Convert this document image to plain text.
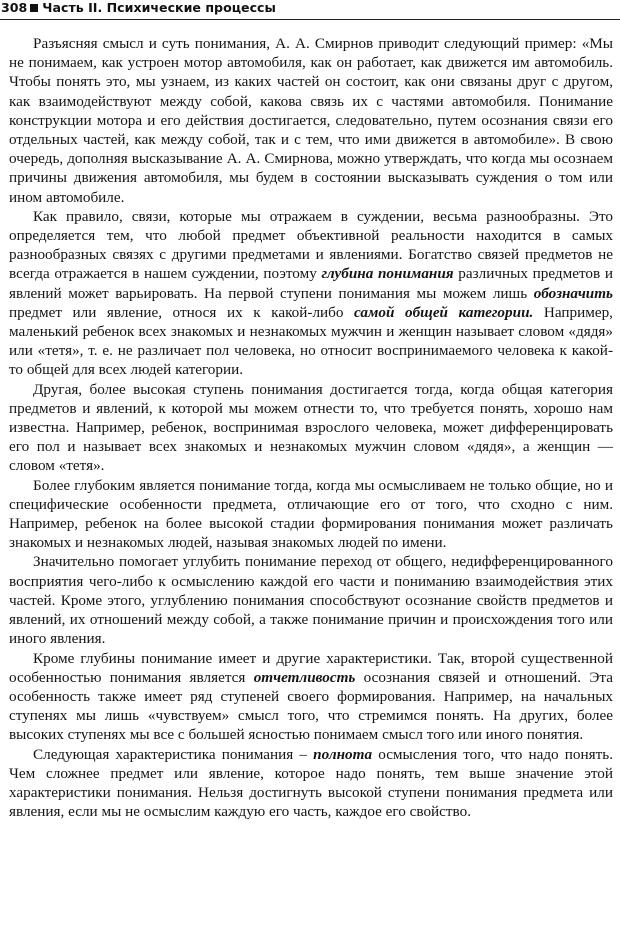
308 Часть II. Психические процессы

Разъясняя смысл и суть понимания, А. А. Смирнов приводит следующий пример: «Мы не понимаем, как устроен мотор автомобиля, как он работает, как движется им автомобиль. Чтобы понять это, мы узнаем, из каких частей он состоит, как они связаны друг с другом, как взаимодействуют между собой, какова связь их с частями автомобиля. Понимание конструкции мотора и его действия достигается, следовательно, путем осознания связи его отдельных частей, как между собой, так и с тем, что ими движется в автомобиле». В свою очередь, дополняя высказывание А. А. Смирнова, можно утверждать, что когда мы осознаем причины движения автомобиля, мы будем в состоянии высказывать суждения о том или ином автомобиле.

Как правило, связи, которые мы отражаем в суждении, весьма разнообразны. Это определяется тем, что любой предмет объективной реальности находится в самых разнообразных связях с другими предметами и явлениями. Богатство связей предметов не всегда отражается в нашем суждении, поэтому глубина понимания различных предметов и явлений может варьировать. На первой ступени понимания мы можем лишь обозначить предмет или явление, относя их к какой-либо самой общей категории. Например, маленький ребенок всех знакомых и незнакомых мужчин и женщин называет словом «дядя» или «тетя», т. е. не различает пол человека, но относит воспринимаемого человека к какой-то общей для всех людей категории.

Другая, более высокая ступень понимания достигается тогда, когда общая категория предметов и явлений, к которой мы можем отнести то, что требуется понять, хорошо нам известна. Например, ребенок, воспринимая взрослого человека, может дифференцировать его пол и называет всех знакомых и незнакомых мужчин словом «дядя», а женщин — словом «тетя».

Более глубоким является понимание тогда, когда мы осмысливаем не только общие, но и специфические особенности предмета, отличающие его от того, что сходно с ним. Например, ребенок на более высокой стадии формирования понимания может различать знакомых и незнакомых людей, называя знакомых людей по имени.

Значительно помогает углубить понимание переход от общего, недифференцированного восприятия чего-либо к осмыслению каждой его части и пониманию взаимодействия этих частей. Кроме этого, углублению понимания способствуют осознание свойств предметов и явлений, их отношений между собой, а также понимание причин и происхождения того или иного явления.

Кроме глубины понимание имеет и другие характеристики. Так, второй существенной особенностью понимания является отчетливость осознания связей и отношений. Эта особенность также имеет ряд ступеней своего формирования. Например, на начальных ступенях мы лишь «чувствуем» смысл того, что стремимся понять. На других, более высоких ступенях мы все с большей ясностью понимаем смысл того или иного понятия.

Следующая характеристика понимания – полнота осмысления того, что надо понять. Чем сложнее предмет или явление, которое надо понять, тем выше значение этой характеристики понимания. Нельзя достигнуть высокой ступени понимания предмета или явления, если мы не осмыслим каждую его часть, каждое его свойство.
